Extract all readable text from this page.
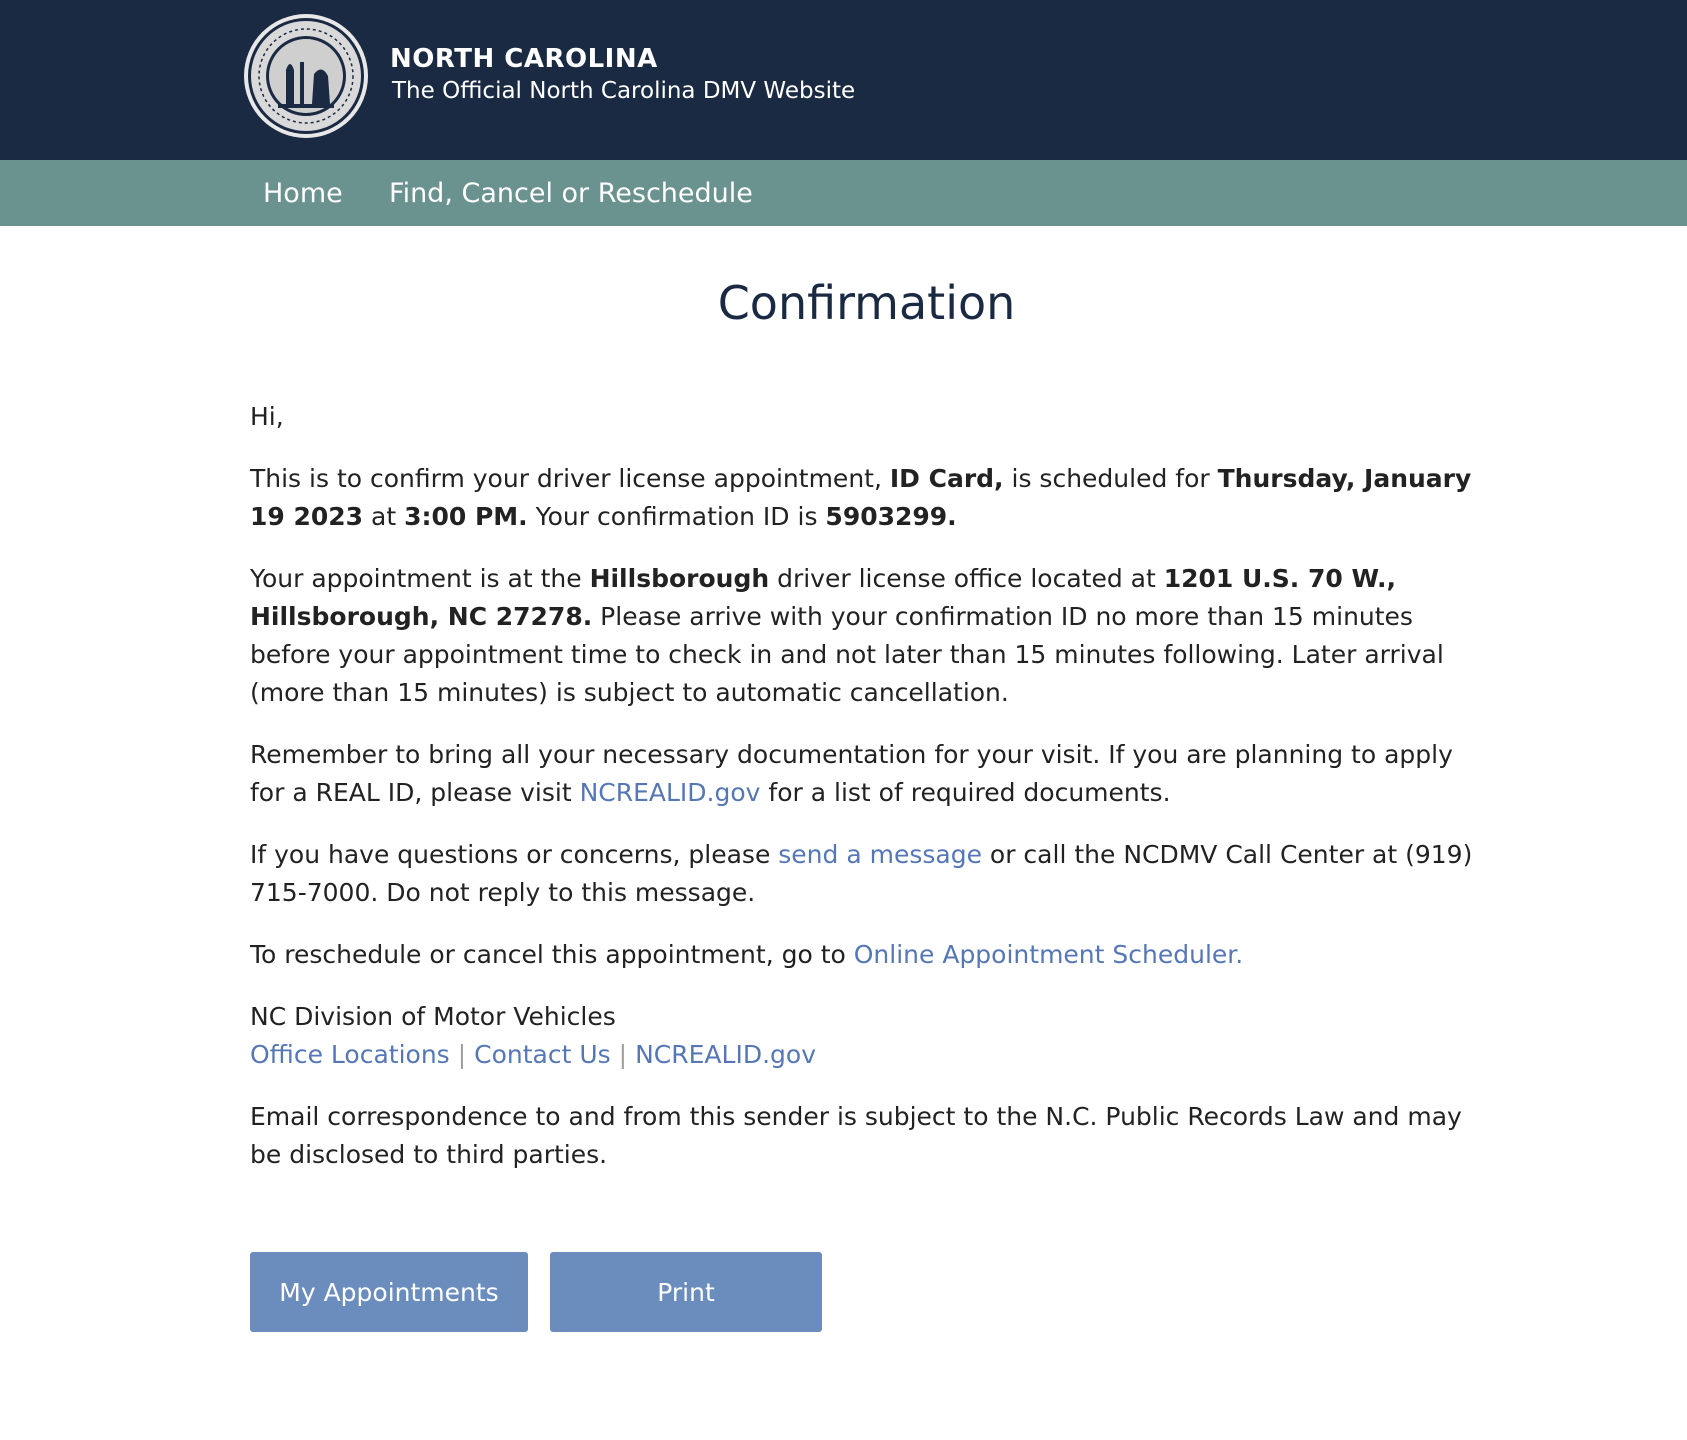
NORTH CAROLINA
The Official North Carolina DMV Website
Home Find, Cancel or Reschedule
Confirmation

Hi,

This is to confirm your driver license appointment, ID Card, is scheduled for Thursday, January 19 2023 at 3:00 PM. Your confirmation ID is 5903299.

Your appointment is at the Hillsborough driver license office located at 1201 U.S. 70 W., Hillsborough, NC 27278. Please arrive with your confirmation ID no more than 15 minutes before your appointment time to check in and not later than 15 minutes following. Later arrival (more than 15 minutes) is subject to automatic cancellation.

Remember to bring all your necessary documentation for your visit. If you are planning to apply for a REAL ID, please visit NCREALID.gov for a list of required documents.

If you have questions or concerns, please send a message or call the NCDMV Call Center at (919) 715-7000. Do not reply to this message.

To reschedule or cancel this appointment, go to Online Appointment Scheduler.

NC Division of Motor Vehicles
Office Locations | Contact Us | NCREALID.gov

Email correspondence to and from this sender is subject to the N.C. Public Records Law and may be disclosed to third parties.

My Appointments	Print
